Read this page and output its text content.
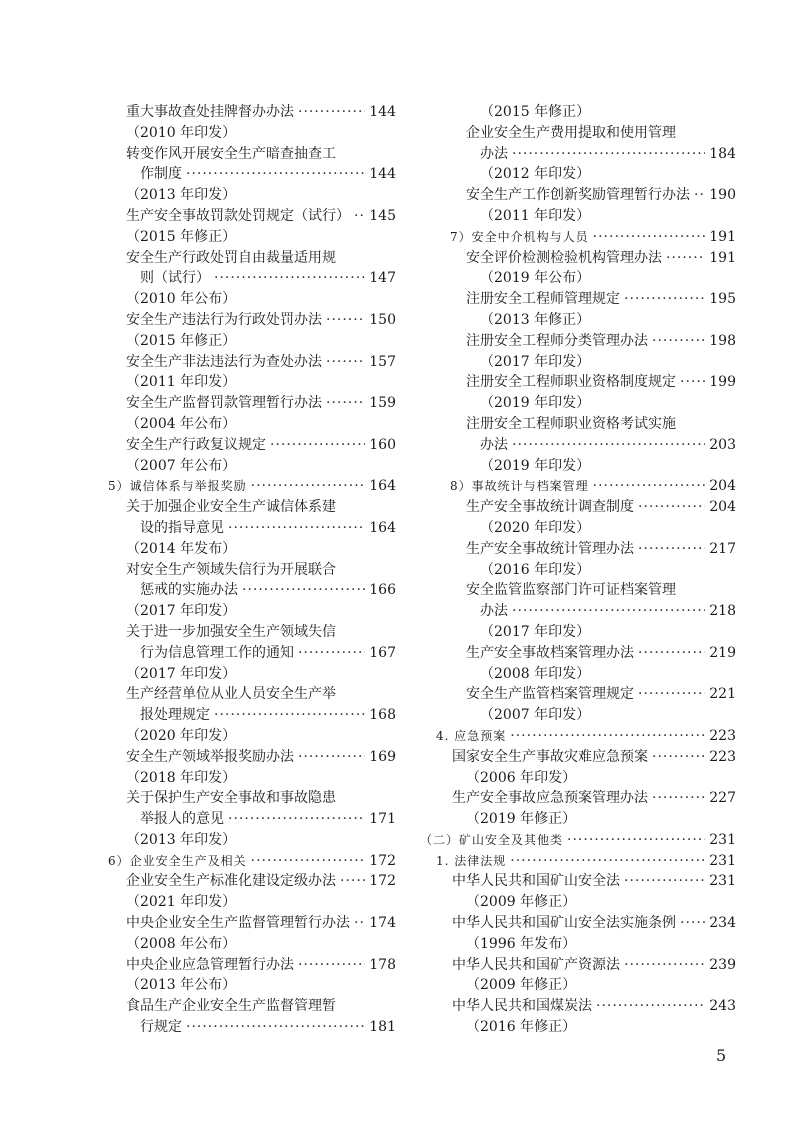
重大事故查处挂牌督办办法 ·····	144
（2010 年印发）
转变作风开展安全生产暗查抽查工
作制度 ·····	144
（2013 年印发）
生产安全事故罚款处罚规定（试行） ····· 145
（2015 年修正）
安全生产行政处罚自由裁量适用规
则（试行） ·····	147
（2010 年公布）
安全生产违法行为行政处罚办法 ·····	150
（2015 年修正）
安全生产非法违法行为查处办法 ·····	157
（2011 年印发）
安全生产监督罚款管理暂行办法 ·····	159
（2004 年公布）
安全生产行政复议规定 ·····	160
（2007 年公布）
5）诚信体系与举报奖励 ·····	164
关于加强企业安全生产诚信体系建
设的指导意见 ·····	164
（2014 年发布）
对安全生产领域失信行为开展联合
惩戒的实施办法 ·····	166
（2017 年印发）
关于进一步加强安全生产领域失信
行为信息管理工作的通知 ·····	167
（2017 年印发）
生产经营单位从业人员安全生产举
报处理规定 ·····	168
（2020 年印发）
安全生产领域举报奖励办法 ·····	169
（2018 年印发）
关于保护生产安全事故和事故隐患
举报人的意见 ·····	171
（2013 年印发）
6）企业安全生产及相关 ·····	172
企业安全生产标准化建设定级办法 ····· 172
（2021 年印发）
中央企业安全生产监督管理暂行办法 ····· 174
（2008 年公布）
中央企业应急管理暂行办法 ·····	178
（2013 年公布）
食品生产企业安全生产监督管理暂
行规定 ·····	181
（2015 年修正）
企业安全生产费用提取和使用管理
办法 ·····	184
（2012 年印发）
安全生产工作创新奖励管理暂行办法 ····· 190
（2011 年印发）
7）安全中介机构与人员 ·····	191
安全评价检测检验机构管理办法 ·····	191
（2019 年公布）
注册安全工程师管理规定 ·····	195
（2013 年修正）
注册安全工程师分类管理办法 ·····	198
（2017 年印发）
注册安全工程师职业资格制度规定 ····· 199
（2019 年印发）
注册安全工程师职业资格考试实施
办法 ·····	203
（2019 年印发）
8）事故统计与档案管理 ·····	204
生产安全事故统计调查制度 ·····	204
（2020 年印发）
生产安全事故统计管理办法 ·····	217
（2016 年印发）
安全监管监察部门许可证档案管理
办法 ·····	218
（2017 年印发）
生产安全事故档案管理办法 ·····	219
（2008 年印发）
安全生产监管档案管理规定 ·····	221
（2007 年印发）
4. 应急预案 ·····	223
国家安全生产事故灾难应急预案 ·····	223
（2006 年印发）
生产安全事故应急预案管理办法 ·····	227
（2019 年修正）
（二）矿山安全及其他类 ·····	231
1. 法律法规 ·····	231
中华人民共和国矿山安全法 ·····	231
（2009 年修正）
中华人民共和国矿山安全法实施条例 ····· 234
（1996 年发布）
中华人民共和国矿产资源法 ·····	239
（2009 年修正）
中华人民共和国煤炭法 ·····	243
（2016 年修正）
5
